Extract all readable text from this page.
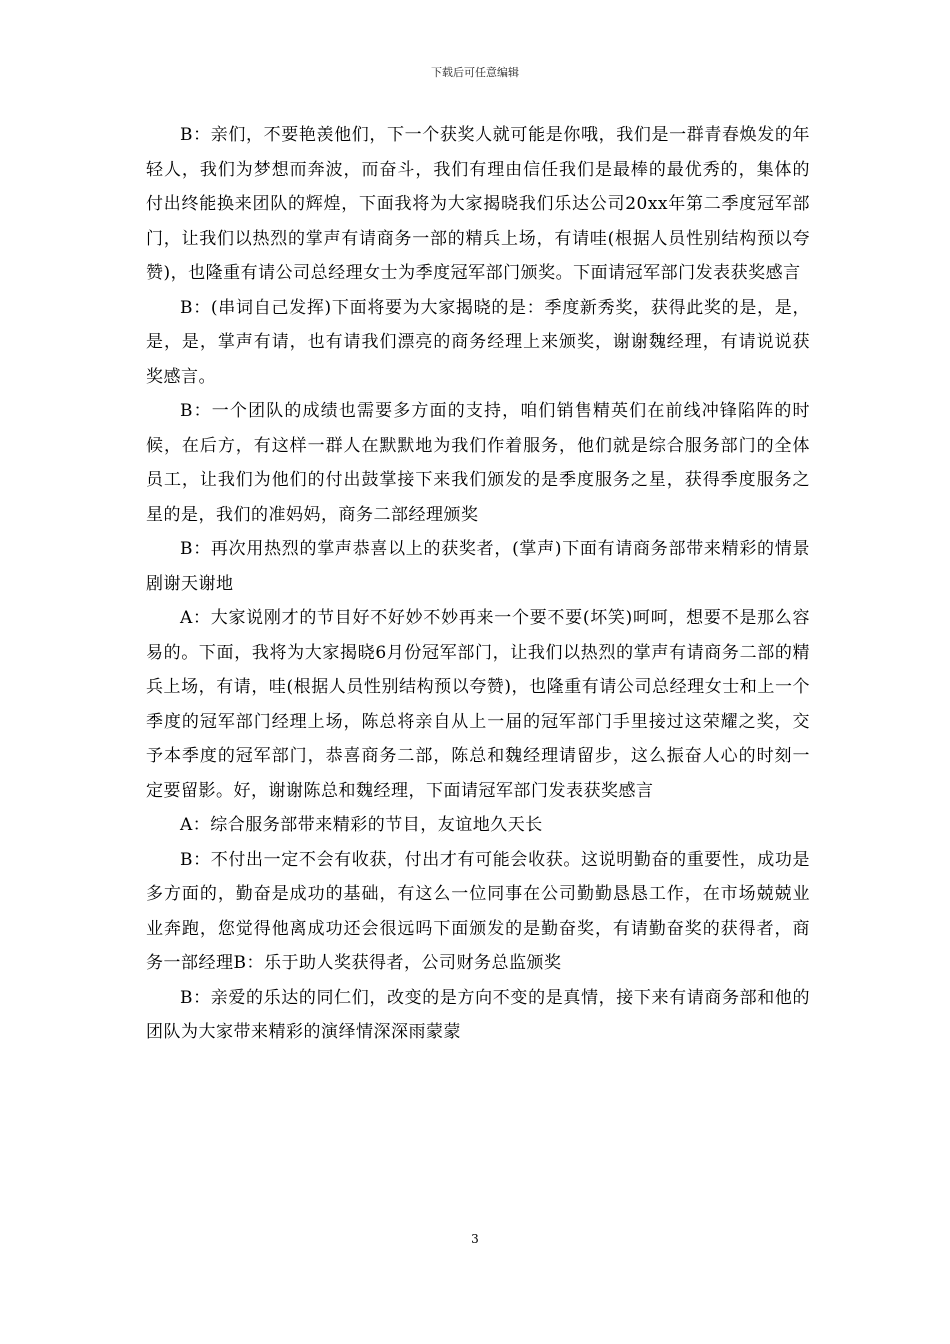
下载后可任意编辑

B：亲们，不要艳羡他们，下一个获奖人就可能是你哦，我们是一群青春焕发的年轻人，我们为梦想而奔波，而奋斗，我们有理由信任我们是最棒的最优秀的，集体的付出终能换来团队的辉煌，下面我将为大家揭晓我们乐达公司20xx年第二季度冠军部门，让我们以热烈的掌声有请商务一部的精兵上场，有请哇(根据人员性别结构预以夸赞)，也隆重有请公司总经理女士为季度冠军部门颁奖。下面请冠军部门发表获奖感言

B：(串词自己发挥)下面将要为大家揭晓的是：季度新秀奖，获得此奖的是，是，是，是，掌声有请，也有请我们漂亮的商务经理上来颁奖，谢谢魏经理，有请说说获奖感言。

B：一个团队的成绩也需要多方面的支持，咱们销售精英们在前线冲锋陷阵的时候，在后方，有这样一群人在默默地为我们作着服务，他们就是综合服务部门的全体员工，让我们为他们的付出鼓掌接下来我们颁发的是季度服务之星，获得季度服务之星的是，我们的准妈妈，商务二部经理颁奖

B：再次用热烈的掌声恭喜以上的获奖者，(掌声)下面有请商务部带来精彩的情景剧谢天谢地

A：大家说刚才的节目好不好妙不妙再来一个要不要(坏笑)呵呵，想要不是那么容易的。下面，我将为大家揭晓6月份冠军部门，让我们以热烈的掌声有请商务二部的精兵上场，有请，哇(根据人员性别结构预以夸赞)，也隆重有请公司总经理女士和上一个季度的冠军部门经理上场，陈总将亲自从上一届的冠军部门手里接过这荣耀之奖，交予本季度的冠军部门，恭喜商务二部，陈总和魏经理请留步，这么振奋人心的时刻一定要留影。好，谢谢陈总和魏经理，下面请冠军部门发表获奖感言

A：综合服务部带来精彩的节目，友谊地久天长

B：不付出一定不会有收获，付出才有可能会收获。这说明勤奋的重要性，成功是多方面的，勤奋是成功的基础，有这么一位同事在公司勤勤恳恳工作，在市场兢兢业业奔跑，您觉得他离成功还会很远吗下面颁发的是勤奋奖，有请勤奋奖的获得者，商务一部经理B：乐于助人奖获得者，公司财务总监颁奖

B：亲爱的乐达的同仁们，改变的是方向不变的是真情，接下来有请商务部和他的团队为大家带来精彩的演绎情深深雨蒙蒙

3
